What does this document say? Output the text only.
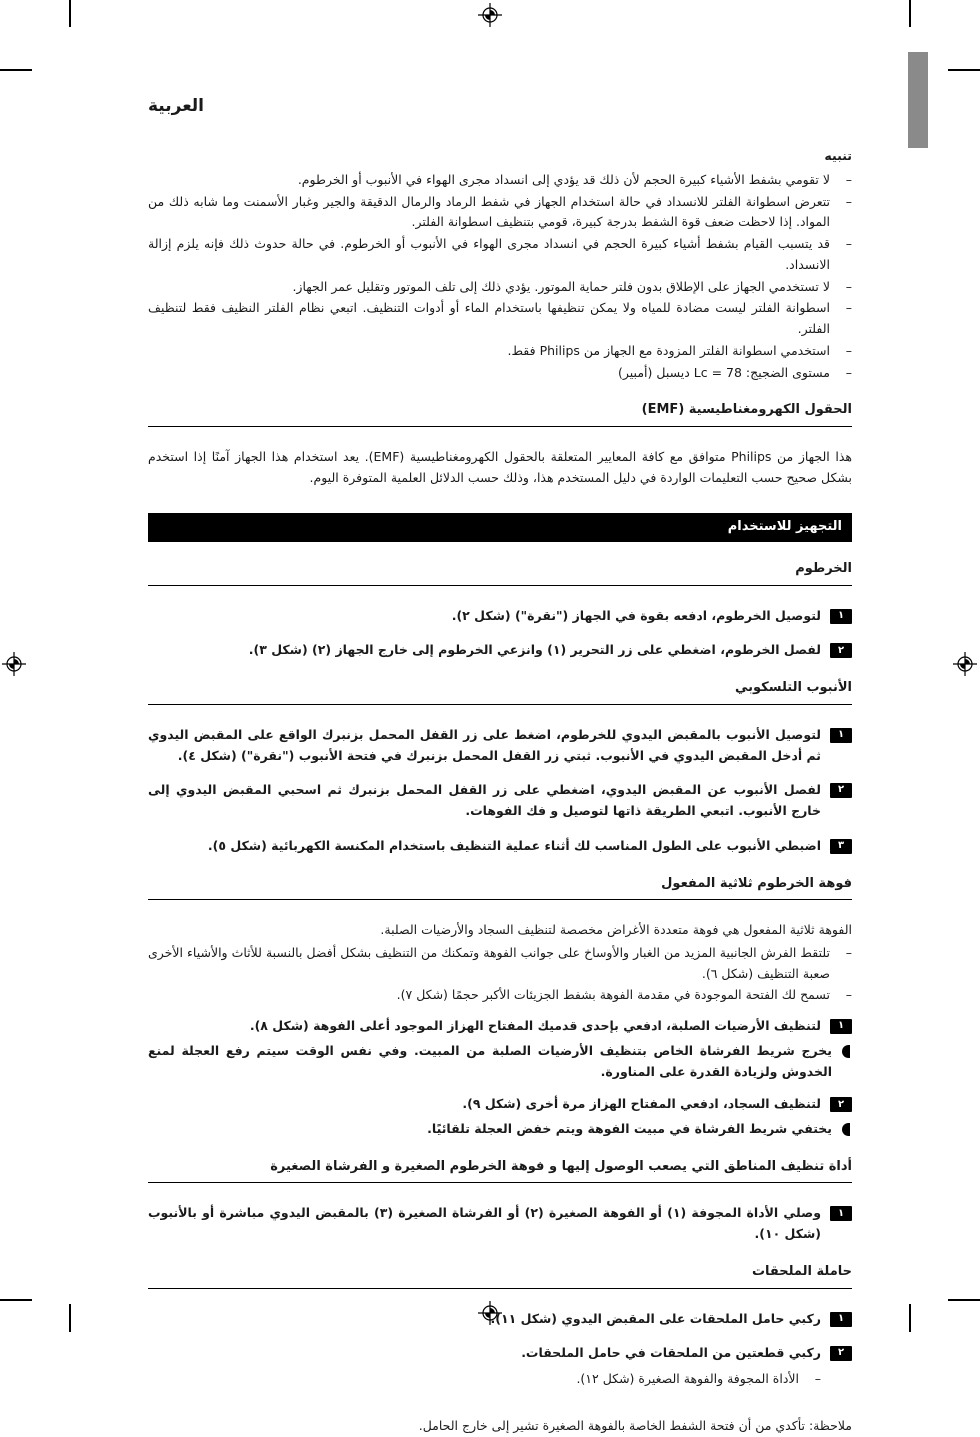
العربية
تنبيه
–
لا تقومي بشفط الأشياء كبيرة الحجم لأن ذلك قد يؤدي إلى انسداد مجرى الهواء في الأنبوب أو الخرطوم.
–
تتعرض اسطوانة الفلتر للانسداد في حالة استخدام الجهاز في شفط الرماد والرمال الدقيقة والجير وغبار الأسمنت وما شابه ذلك من المواد. إذا لاحظت ضعف قوة الشفط بدرجة كبيرة، قومي بتنظيف اسطوانة الفلتر.
–
قد يتسبب القيام بشفط أشياء كبيرة الحجم في انسداد مجرى الهواء في الأنبوب أو الخرطوم. في حالة حدوث ذلك فإنه يلزم إزالة الانسداد.
–
لا تستخدمي الجهاز على الإطلاق بدون فلتر حماية الموتور. يؤدي ذلك إلى تلف الموتور وتقليل عمر الجهاز.
–
اسطوانة الفلتر ليست مضادة للمياه ولا يمكن تنظيفها باستخدام الماء أو أدوات التنظيف. اتبعي نظام الفلتر النظيف فقط لتنظيف الفلتر.
–
استخدمي اسطوانة الفلتر المزودة مع الجهاز من Philips فقط.
–
مستوى الضجيج: Lc = 78 ديسبل (أمبير)
الحقول الكهرومغناطيسية (EMF)
هذا الجهاز من Philips متوافق مع كافة المعايير المتعلقة بالحقول الكهرومغناطيسية (EMF). يعد استخدام هذا الجهاز آمنًا إذا استخدم بشكل صحيح حسب التعليمات الواردة في دليل المستخدم هذا، وذلك حسب الدلائل العلمية المتوفرة اليوم.
التجهيز للاستخدام
الخرطوم
١
لتوصيل الخرطوم، ادفعه بقوة في الجهاز ("نقرة") (شكل ٢).
٢
لفصل الخرطوم، اضغطي على زر التحرير (١) وانزعي الخرطوم إلى خارج الجهاز (٢) (شكل ٣).
الأنبوب التلسكوبي
١
لتوصيل الأنبوب بالمقبض اليدوي للخرطوم، اضغط على زر القفل المحمل بزنبرك الواقع على المقبض اليدوي ثم أدخل المقبض اليدوي في الأنبوب. ثبتي زر القفل المحمل بزنبرك في فتحة الأنبوب ("نقرة") (شكل ٤).
٢
لفصل الأنبوب عن المقبض اليدوي، اضغطي على زر القفل المحمل بزنبرك ثم اسحبي المقبض اليدوي إلى خارج الأنبوب. اتبعي الطريقة ذاتها لتوصيل و فك الفوهات.
٣
اضبطي الأنبوب على الطول المناسب لك أثناء عملية التنظيف باستخدام المكنسة الكهربائية (شكل ٥).
فوهة الخرطوم ثلاثية المفعول
الفوهة ثلاثية المفعول هي فوهة متعددة الأغراض مخصصة لتنظيف السجاد والأرضيات الصلبة.
–
تلتقط الفرش الجانبية المزيد من الغبار والأوساخ على جوانب الفوهة وتمكنك من التنظيف بشكل أفضل بالنسبة للأثاث والأشياء الأخرى صعبة التنظيف (شكل ٦).
–
تسمح لك الفتحة الموجودة في مقدمة الفوهة بشفط الجزيئات الأكبر حجمًا (شكل ٧).
١
لتنظيف الأرضيات الصلبة، ادفعي بإحدى قدميك المفتاح الهزاز الموجود أعلى الفوهة (شكل ٨).
يخرج شريط الفرشاة الخاص بتنظيف الأرضيات الصلبة من المبيت. وفي نفس الوقت سيتم رفع العجلة لمنع الخدوش ولزيادة القدرة على المناورة.
٢
لتنظيف السجاد، ادفعي المفتاح الهزاز مرة أخرى (شكل ٩).
يختفي شريط الفرشاة في مبيت الفوهة ويتم خفض العجلة تلقائيًا.
أداة تنظيف المناطق التي يصعب الوصول إليها و فوهة الخرطوم الصغيرة و الفرشاة الصغيرة
١
وصلي الأداة المجوفة (١) أو الفوهة الصغيرة (٢) أو الفرشاة الصغيرة (٣) بالمقبض اليدوي مباشرة أو بالأنبوب (شكل ١٠).
حاملة الملحقات
١
ركبي حامل الملحقات على المقبض اليدوي (شكل ١١).
٢
ركبي قطعتين من الملحقات في حامل الملحقات.
–
الأداة المجوفة والفوهة الصغيرة (شكل ١٢).
ملاحظة: تأكدي من أن فتحة الشفط الخاصة بالفوهة الصغيرة تشير إلى خارج الحامل.
